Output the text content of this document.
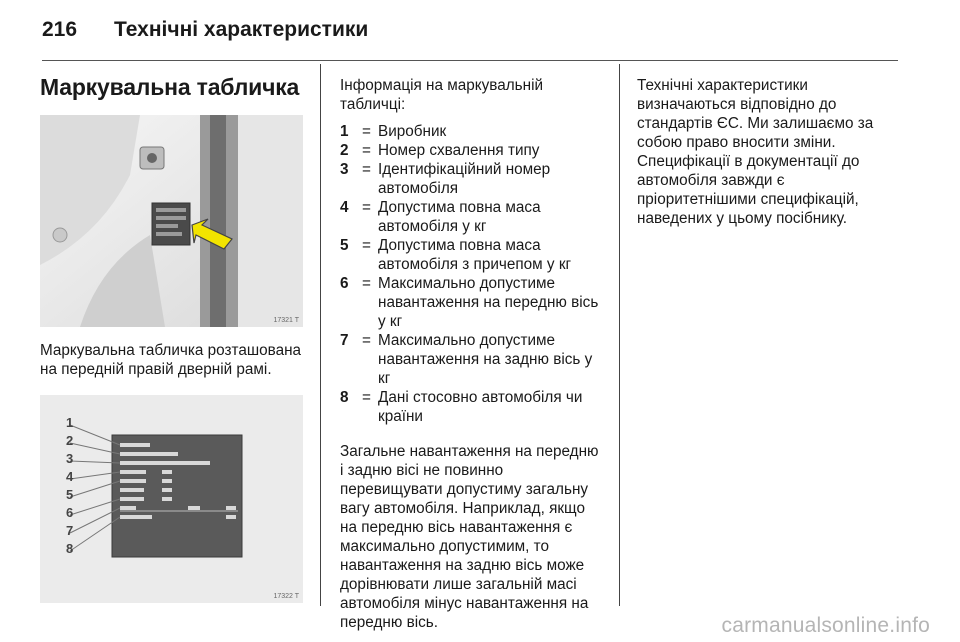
216	Технічні характеристики
Маркувальна табличка
17321 T

Маркувальна табличка розташована на передній правій дверній рамі.

1
2
3
4
5
6
7
8
17322 T

Інформація на маркувальній табличці:

1 = Виробник
2 = Номер схвалення типу
3 = Ідентифікаційний номер автомобіля
4 = Допустима повна маса автомобіля у кг
5 = Допустима повна маса автомобіля з причепом у кг
6 = Максимально допустиме навантаження на передню вісь у кг
7 = Максимально допустиме навантаження на задню вісь у кг
8 = Дані стосовно автомобіля чи країни

Загальне навантаження на передню і задню вісі не повинно перевищувати допустиму загальну вагу автомобіля. Наприклад, якщо на передню вісь навантаження є максимально допустимим, то навантаження на задню вісь може дорівнювати лише загальній масі автомобіля мінус навантаження на передню вісь.

Технічні характеристики визначаються відповідно до стандартів ЄС. Ми залишаємо за собою право вносити зміни. Специфікації в документації до автомобіля завжди є пріоритетнішими специфікацій, наведених у цьому посібнику.

carmanualsonline.info
